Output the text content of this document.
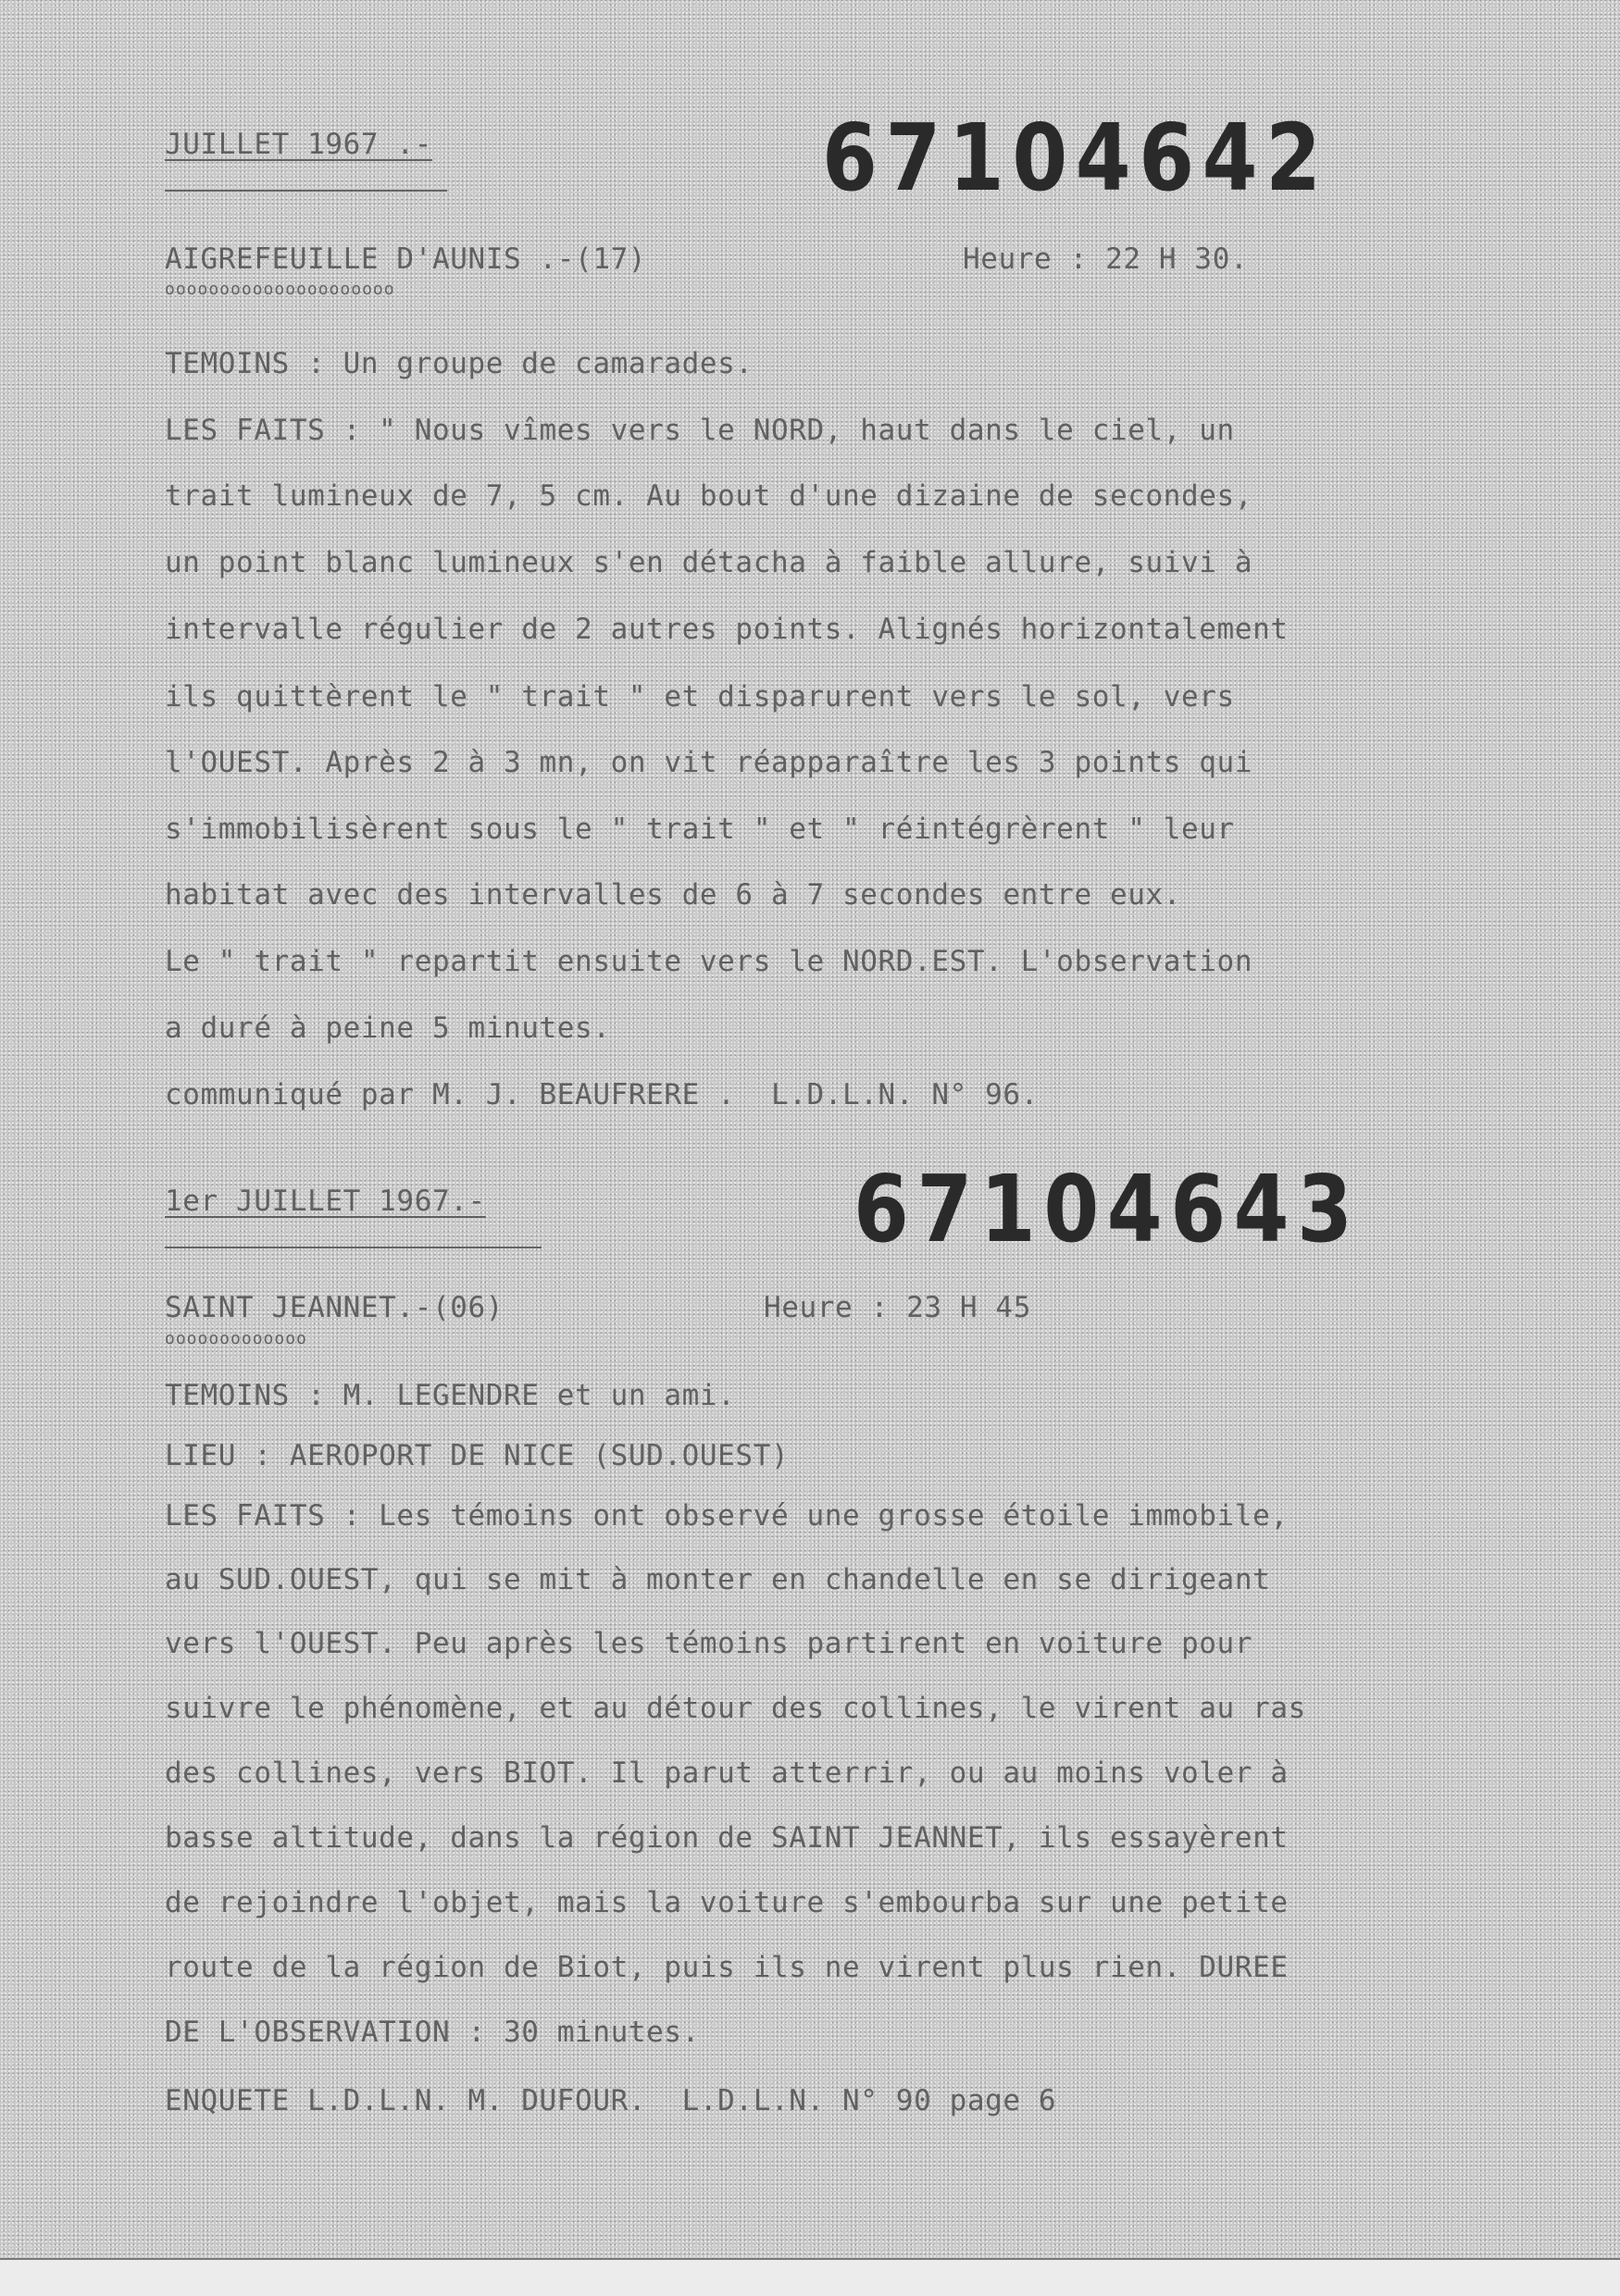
JUILLET 1967 .-	67104642
AIGREFEUILLE D'AUNIS .-(17)
ooooooooooooooooooooo
Heure : 22 H 30.
TEMOINS : Un groupe de camarades.
LES FAITS : " Nous vîmes vers le NORD, haut dans le ciel, un
trait lumineux de 7, 5 cm. Au bout d'une dizaine de secondes,
un point blanc lumineux s'en détacha à faible allure, suivi à
intervalle régulier de 2 autres points. Alignés horizontalement
ils quittèrent le " trait " et disparurent vers le sol, vers
l'OUEST. Après 2 à 3 mn, on vit réapparaître les 3 points qui
s'immobilisèrent sous le " trait " et " réintégrèrent " leur
habitat avec des intervalles de 6 à 7 secondes entre eux.
Le " trait " repartit ensuite vers le NORD.EST. L'observation
a duré à peine 5 minutes.
communiqué par M. J. BEAUFRERE .  L.D.L.N. N° 96.
1er JUILLET 1967.-	67104643
SAINT JEANNET.-(06)
ooooooooooooo
Heure : 23 H 45
TEMOINS : M. LEGENDRE et un ami.
LIEU : AEROPORT DE NICE (SUD.OUEST)
LES FAITS : Les témoins ont observé une grosse étoile immobile,
au SUD.OUEST, qui se mit à monter en chandelle en se dirigeant
vers l'OUEST. Peu après les témoins partirent en voiture pour
suivre le phénomène, et au détour des collines, le virent au ras
des collines, vers BIOT. Il parut atterrir, ou au moins voler à
basse altitude, dans la région de SAINT JEANNET, ils essayèrent
de rejoindre l'objet, mais la voiture s'embourba sur une petite
route de la région de Biot, puis ils ne virent plus rien. DUREE
DE L'OBSERVATION : 30 minutes.
ENQUETE L.D.L.N. M. DUFOUR.  L.D.L.N. N° 90 page 6
